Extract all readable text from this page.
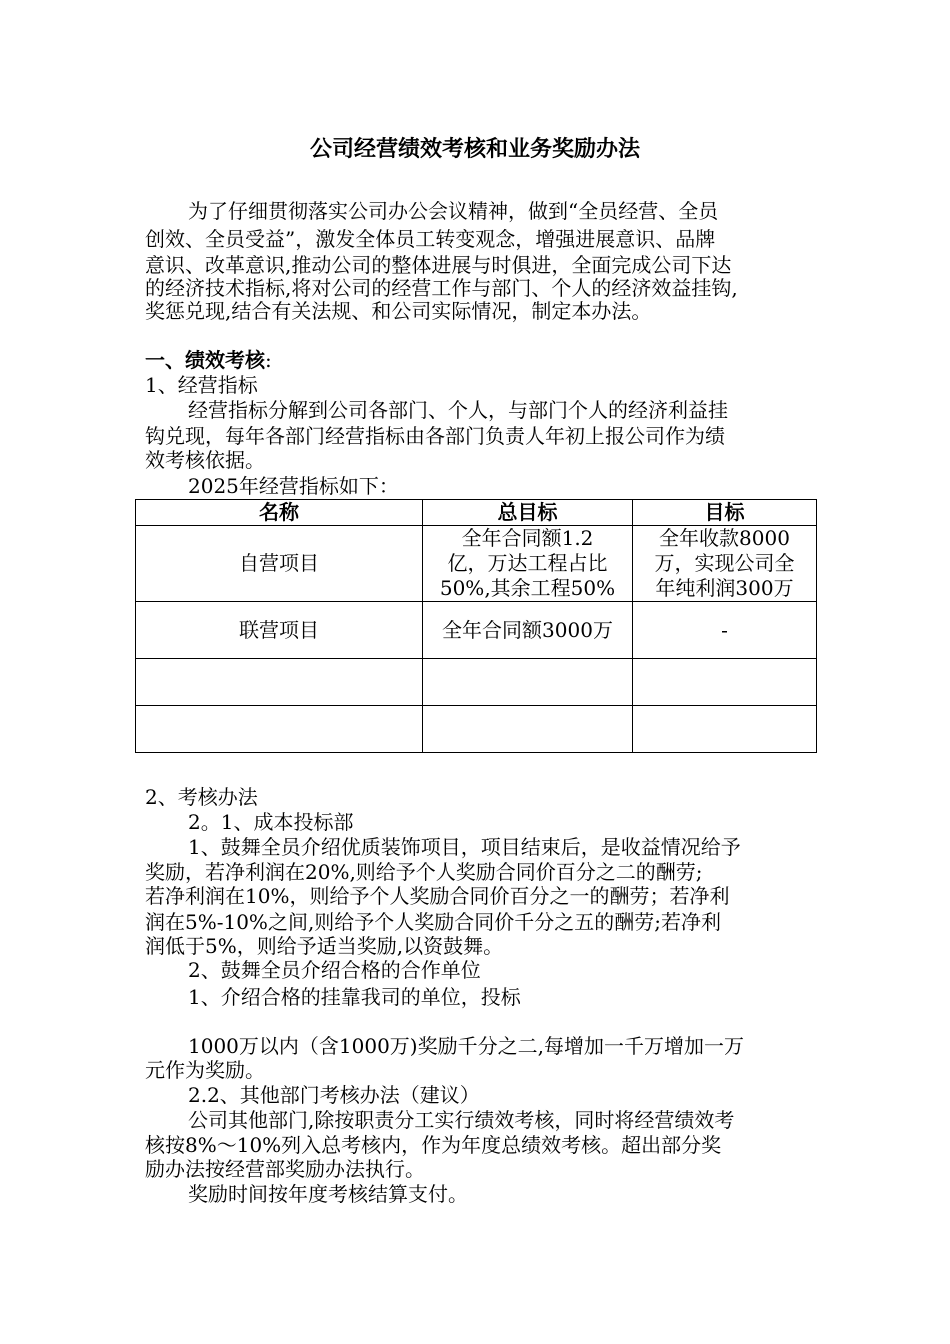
公司经营绩效考核和业务奖励办法

为了仔细贯彻落实公司办公会议精神，做到“全员经营、全员

创效、全员受益”，激发全体员工转变观念，增强进展意识、品牌

意识、改革意识,推动公司的整体进展与时俱进，全面完成公司下达

的经济技术指标,将对公司的经营工作与部门、个人的经济效益挂钩,

奖惩兑现,结合有关法规、和公司实际情况，制定本办法。

一、绩效考核:

1、经营指标

经营指标分解到公司各部门、个人，与部门个人的经济利益挂

钩兑现，每年各部门经营指标由各部门负责人年初上报公司作为绩

效考核依据。

2025年经营指标如下：

名称	总目标	目标
自营项目	全年合同额1.2
亿，万达工程占比
50%,其余工程50%	全年收款8000
万，实现公司全
年纯利润300万

联营项目	全年合同额3000万	-

2、考核办法

2。1、成本投标部

1、鼓舞全员介绍优质装饰项目，项目结束后，是收益情况给予

奖励，若净利润在20%,则给予个人奖励合同价百分之二的酬劳;

若净利润在10%，则给予个人奖励合同价百分之一的酬劳；若净利

润在5%-10%之间,则给予个人奖励合同价千分之五的酬劳;若净利

润低于5%，则给予适当奖励,以资鼓舞。

2、鼓舞全员介绍合格的合作单位

1、介绍合格的挂靠我司的单位，投标

1000万以内（含1000万)奖励千分之二,每增加一千万增加一万

元作为奖励。

2.2、其他部门考核办法（建议）

公司其他部门,除按职责分工实行绩效考核，同时将经营绩效考

核按8%～10%列入总考核内，作为年度总绩效考核。超出部分奖

励办法按经营部奖励办法执行。

奖励时间按年度考核结算支付。
